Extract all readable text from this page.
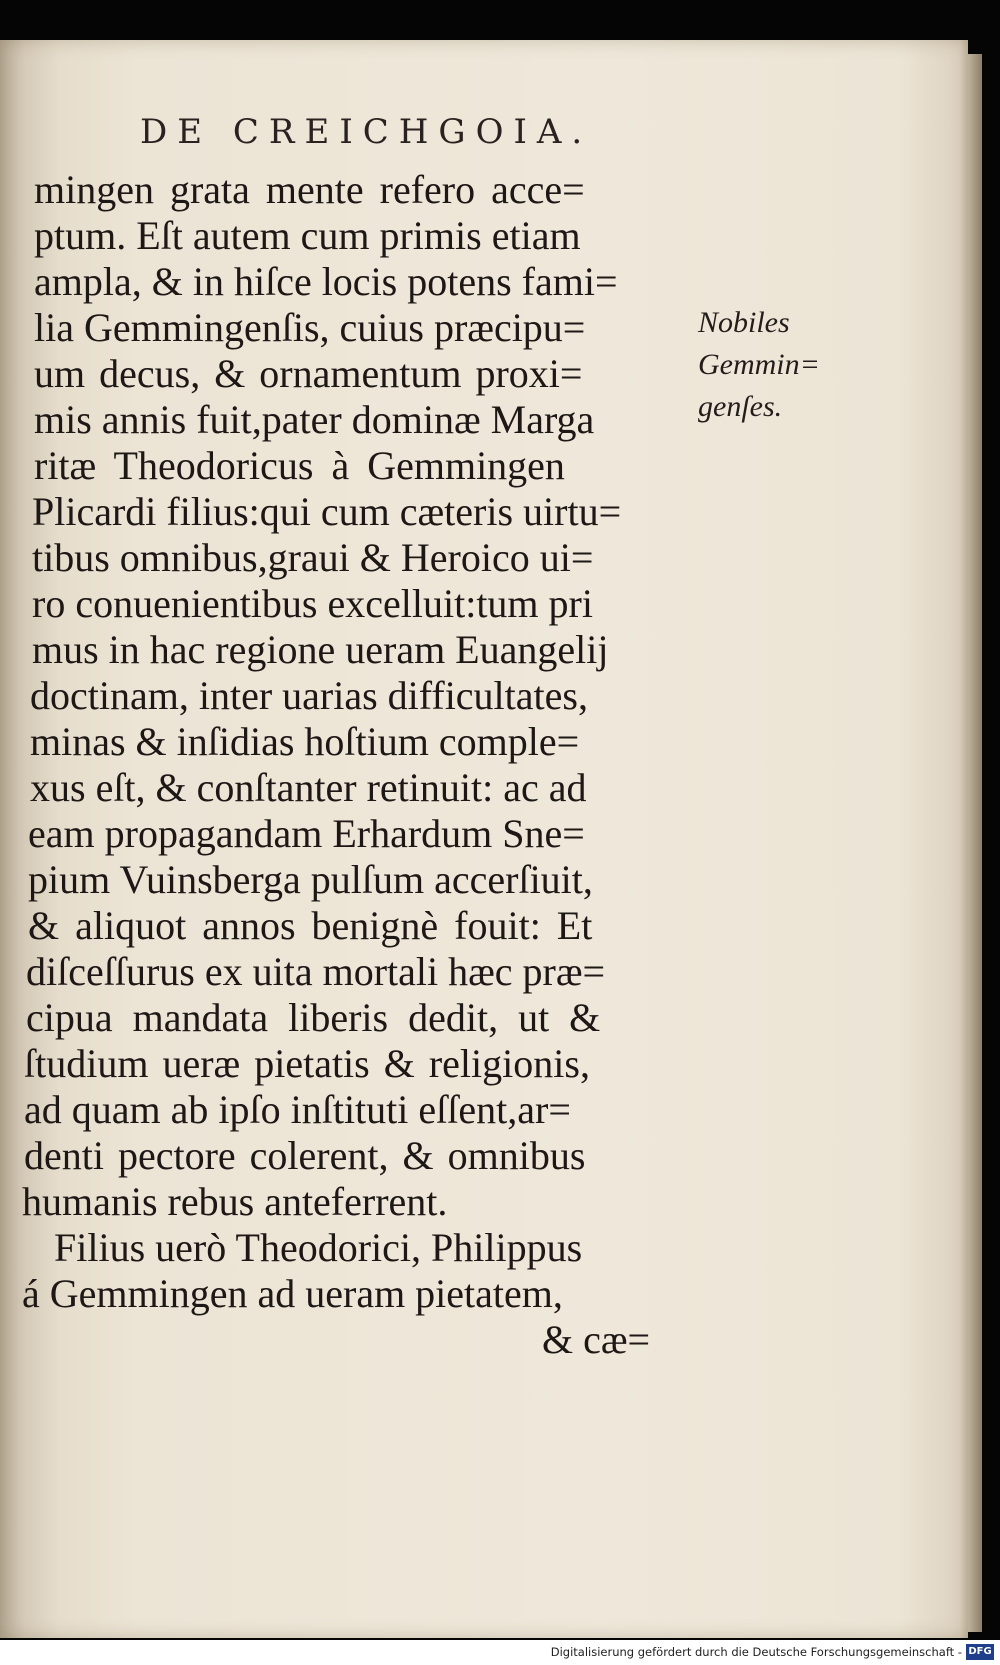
DE CREICHGOIA.
mingen grata mente refero acce=
ptum. Eſt autem cum primis etiam
ampla, & in hiſce locis potens fami=
lia Gemmingenſis, cuius præcipu=
um decus, & ornamentum proxi=
mis annis fuit,pater dominæ Marga
ritæ Theodoricus à Gemmingen
Plicardi filius:qui cum cæteris uirtu=
tibus omnibus,graui & Heroico ui=
ro conuenientibus excelluit:tum pri
mus in hac regione ueram Euangelij
doctinam, inter uarias difficultates,
minas & inſidias hoſtium comple=
xus eſt, & conſtanter retinuit: ac ad
eam propagandam Erhardum Sne=
pium Vuinsberga pulſum accerſiuit,
& aliquot annos benignè fouit: Et
diſceſſurus ex uita mortali hæc præ=
cipua mandata liberis dedit, ut &
ſtudium ueræ pietatis & religionis,
ad quam ab ipſo inſtituti eſſent,ar=
denti pectore colerent, & omnibus
humanis rebus anteferrent.
Filius uerò Theodorici, Philippus
á Gemmingen ad ueram pietatem,
& cæ=
Nobiles
Gemmin=
genſes.
Digitalisierung gefördert durch die Deutsche Forschungsgemeinschaft - DFG
